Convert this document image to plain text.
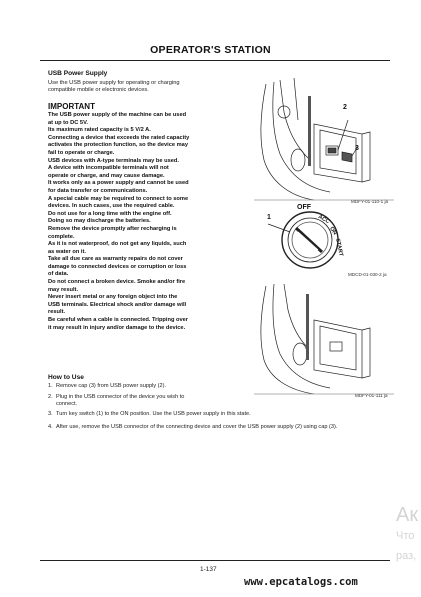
OPERATOR'S STATION
USB Power Supply
Use the USB power supply for operating or charging
compatible mobile or electronic devices.
IMPORTANT
The USB power supply of the machine can be used
at up to DC 5V.
Its maximum rated capacity is 5 V/2 A.
Connecting a device that exceeds the rated capacity
activates the protection function, so the device may
fail to operate or charge.
USB devices with A-type terminals may be used.
A device with incompatible terminals will not
operate or charge, and may cause damage.
It works only as a power supply and cannot be used
for data transfer or communications.
A special cable may be required to connect to some
devices. In such cases, use the required cable.
Do not use for a long time with the engine off.
Doing so may discharge the batteries.
Remove the device promptly after recharging is
complete.
As it is not waterproof, do not get any liquids, such
as water on it.
Take all due care as warranty repairs do not cover
damage to connected devices or corruption or loss
of data.
Do not connect a broken device. Smoke and/or fire
may result.
Never insert metal or any foreign object into the
USB terminals. Electrical shock and/or damage will
result.
Be careful when a cable is connected. Tripping over
it may result in injury and/or damage to the device.
How to Use
1. Remove cap (3) from USB power supply (2).
2. Plug in the USB connector of the device you wish to
connect.
3. Turn key switch (1) to the ON position. Use the USB power supply in this state.
4. After use, remove the USB connector of the connecting device and cover the USB power supply (2) using cap (3).
2
3
MDFY-01-110-1 ja
1
OFF
ACC
ON
START
MDCD-01-030-2 ja
MDFY-01-111 ja
Ак
Что
раз,
1-137
www.epcatalogs.com
